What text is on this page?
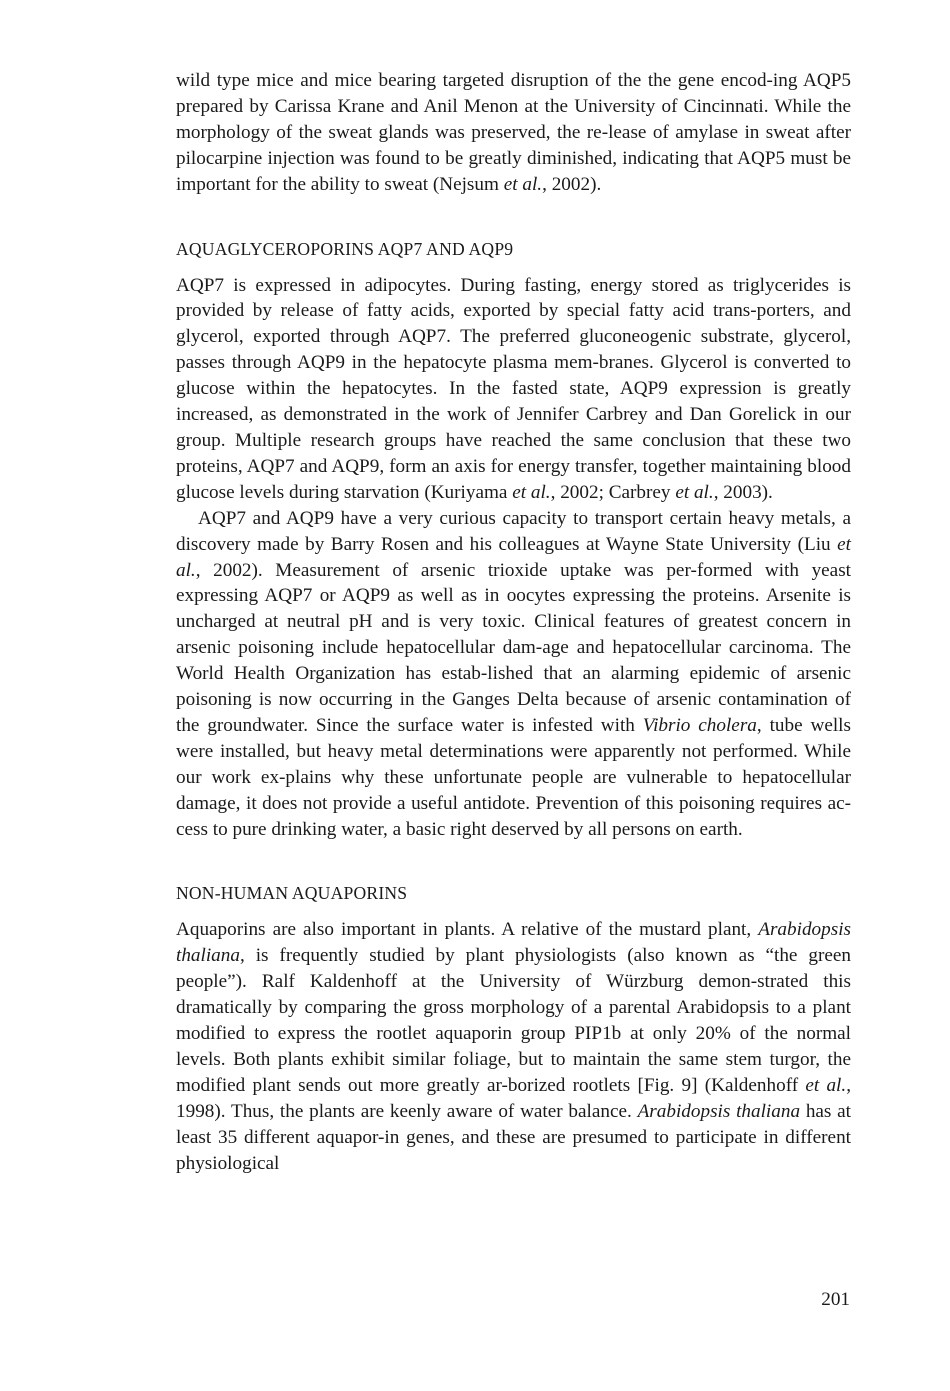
wild type mice and mice bearing targeted disruption of the the gene encod-ing AQP5 prepared by Carissa Krane and Anil Menon at the University of Cincinnati. While the morphology of the sweat glands was preserved, the re-lease of amylase in sweat after pilocarpine injection was found to be greatly diminished, indicating that AQP5 must be important for the ability to sweat (Nejsum et al., 2002).

AQUAGLYCEROPORINS AQP7 AND AQP9

AQP7 is expressed in adipocytes. During fasting, energy stored as triglycerides is provided by release of fatty acids, exported by special fatty acid trans-porters, and glycerol, exported through AQP7. The preferred gluconeogenic substrate, glycerol, passes through AQP9 in the hepatocyte plasma mem-branes. Glycerol is converted to glucose within the hepatocytes. In the fasted state, AQP9 expression is greatly increased, as demonstrated in the work of Jennifer Carbrey and Dan Gorelick in our group. Multiple research groups have reached the same conclusion that these two proteins, AQP7 and AQP9, form an axis for energy transfer, together maintaining blood glucose levels during starvation (Kuriyama et al., 2002; Carbrey et al., 2003).

AQP7 and AQP9 have a very curious capacity to transport certain heavy metals, a discovery made by Barry Rosen and his colleagues at Wayne State University (Liu et al., 2002). Measurement of arsenic trioxide uptake was per-formed with yeast expressing AQP7 or AQP9 as well as in oocytes expressing the proteins. Arsenite is uncharged at neutral pH and is very toxic. Clinical features of greatest concern in arsenic poisoning include hepatocellular dam-age and hepatocellular carcinoma. The World Health Organization has estab-lished that an alarming epidemic of arsenic poisoning is now occurring in the Ganges Delta because of arsenic contamination of the groundwater. Since the surface water is infested with Vibrio cholera, tube wells were installed, but heavy metal determinations were apparently not performed. While our work ex-plains why these unfortunate people are vulnerable to hepatocellular damage, it does not provide a useful antidote. Prevention of this poisoning requires ac-cess to pure drinking water, a basic right deserved by all persons on earth.

NON-HUMAN AQUAPORINS

Aquaporins are also important in plants. A relative of the mustard plant, Arabidopsis thaliana, is frequently studied by plant physiologists (also known as “the green people”). Ralf Kaldenhoff at the University of Würzburg demon-strated this dramatically by comparing the gross morphology of a parental Arabidopsis to a plant modified to express the rootlet aquaporin group PIP1b at only 20% of the normal levels. Both plants exhibit similar foliage, but to maintain the same stem turgor, the modified plant sends out more greatly ar-borized rootlets [Fig. 9] (Kaldenhoff et al., 1998). Thus, the plants are keenly aware of water balance. Arabidopsis thaliana has at least 35 different aquapor-in genes, and these are presumed to participate in different physiological

201
